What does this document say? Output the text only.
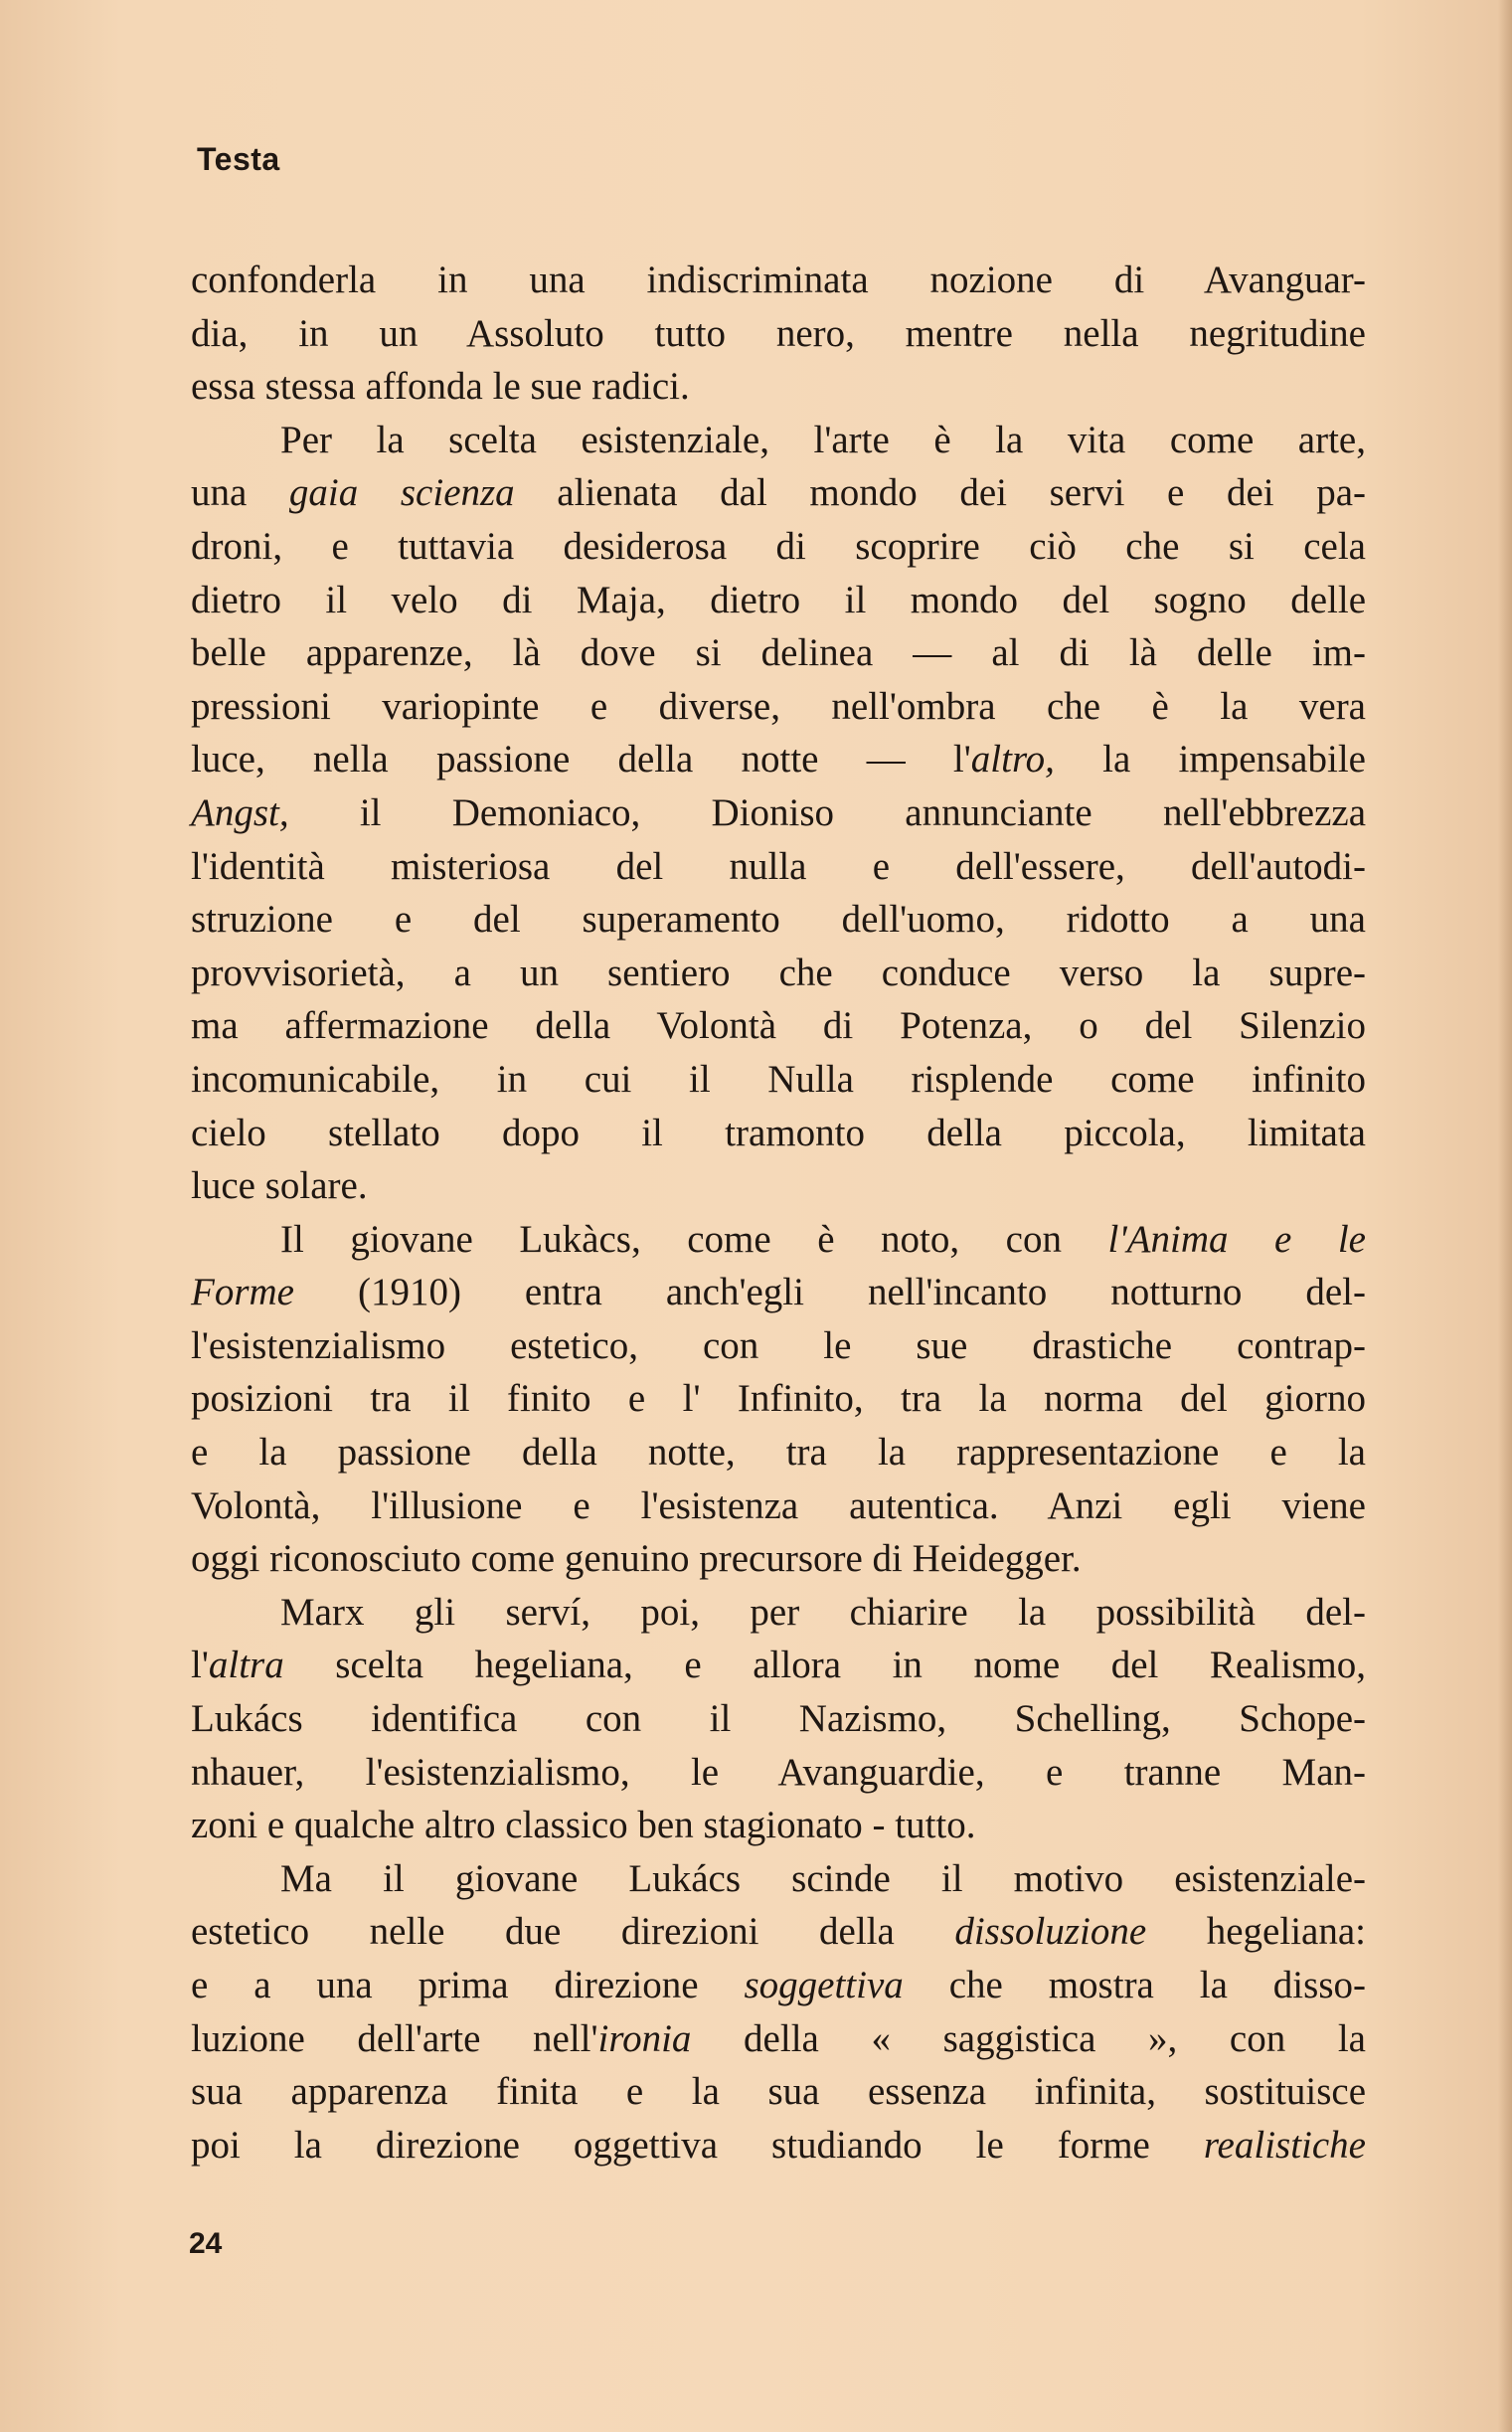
Testa
confonderla in una indiscriminata nozione di Avanguar-
dia, in un Assoluto tutto nero, mentre nella negritudine
essa stessa affonda le sue radici.
Per la scelta esistenziale, l'arte è la vita come arte,
una gaia scienza alienata dal mondo dei servi e dei pa-
droni, e tuttavia desiderosa di scoprire ciò che si cela
dietro il velo di Maja, dietro il mondo del sogno delle
belle apparenze, là dove si delinea — al di là delle im-
pressioni variopinte e diverse, nell'ombra che è la vera
luce, nella passione della notte — l'altro, la impensabile
Angst, il Demoniaco, Dioniso annunciante nell'ebbrezza
l'identità misteriosa del nulla e dell'essere, dell'autodi-
struzione e del superamento dell'uomo, ridotto a una
provvisorietà, a un sentiero che conduce verso la supre-
ma affermazione della Volontà di Potenza, o del Silenzio
incomunicabile, in cui il Nulla risplende come infinito
cielo stellato dopo il tramonto della piccola, limitata
luce solare.
Il giovane Lukàcs, come è noto, con l'Anima e le
Forme (1910) entra anch'egli nell'incanto notturno del-
l'esistenzialismo estetico, con le sue drastiche contrap-
posizioni tra il finito e l' Infinito, tra la norma del giorno
e la passione della notte, tra la rappresentazione e la
Volontà, l'illusione e l'esistenza autentica. Anzi egli viene
oggi riconosciuto come genuino precursore di Heidegger.
Marx gli serví, poi, per chiarire la possibilità del-
l'altra scelta hegeliana, e allora in nome del Realismo,
Lukács identifica con il Nazismo, Schelling, Schope-
nhauer, l'esistenzialismo, le Avanguardie, e tranne Man-
zoni e qualche altro classico ben stagionato - tutto.
Ma il giovane Lukács scinde il motivo esistenziale-
estetico nelle due direzioni della dissoluzione hegeliana:
e a una prima direzione soggettiva che mostra la disso-
luzione dell'arte nell'ironia della « saggistica », con la
sua apparenza finita e la sua essenza infinita, sostituisce
poi la direzione oggettiva studiando le forme realistiche
24
